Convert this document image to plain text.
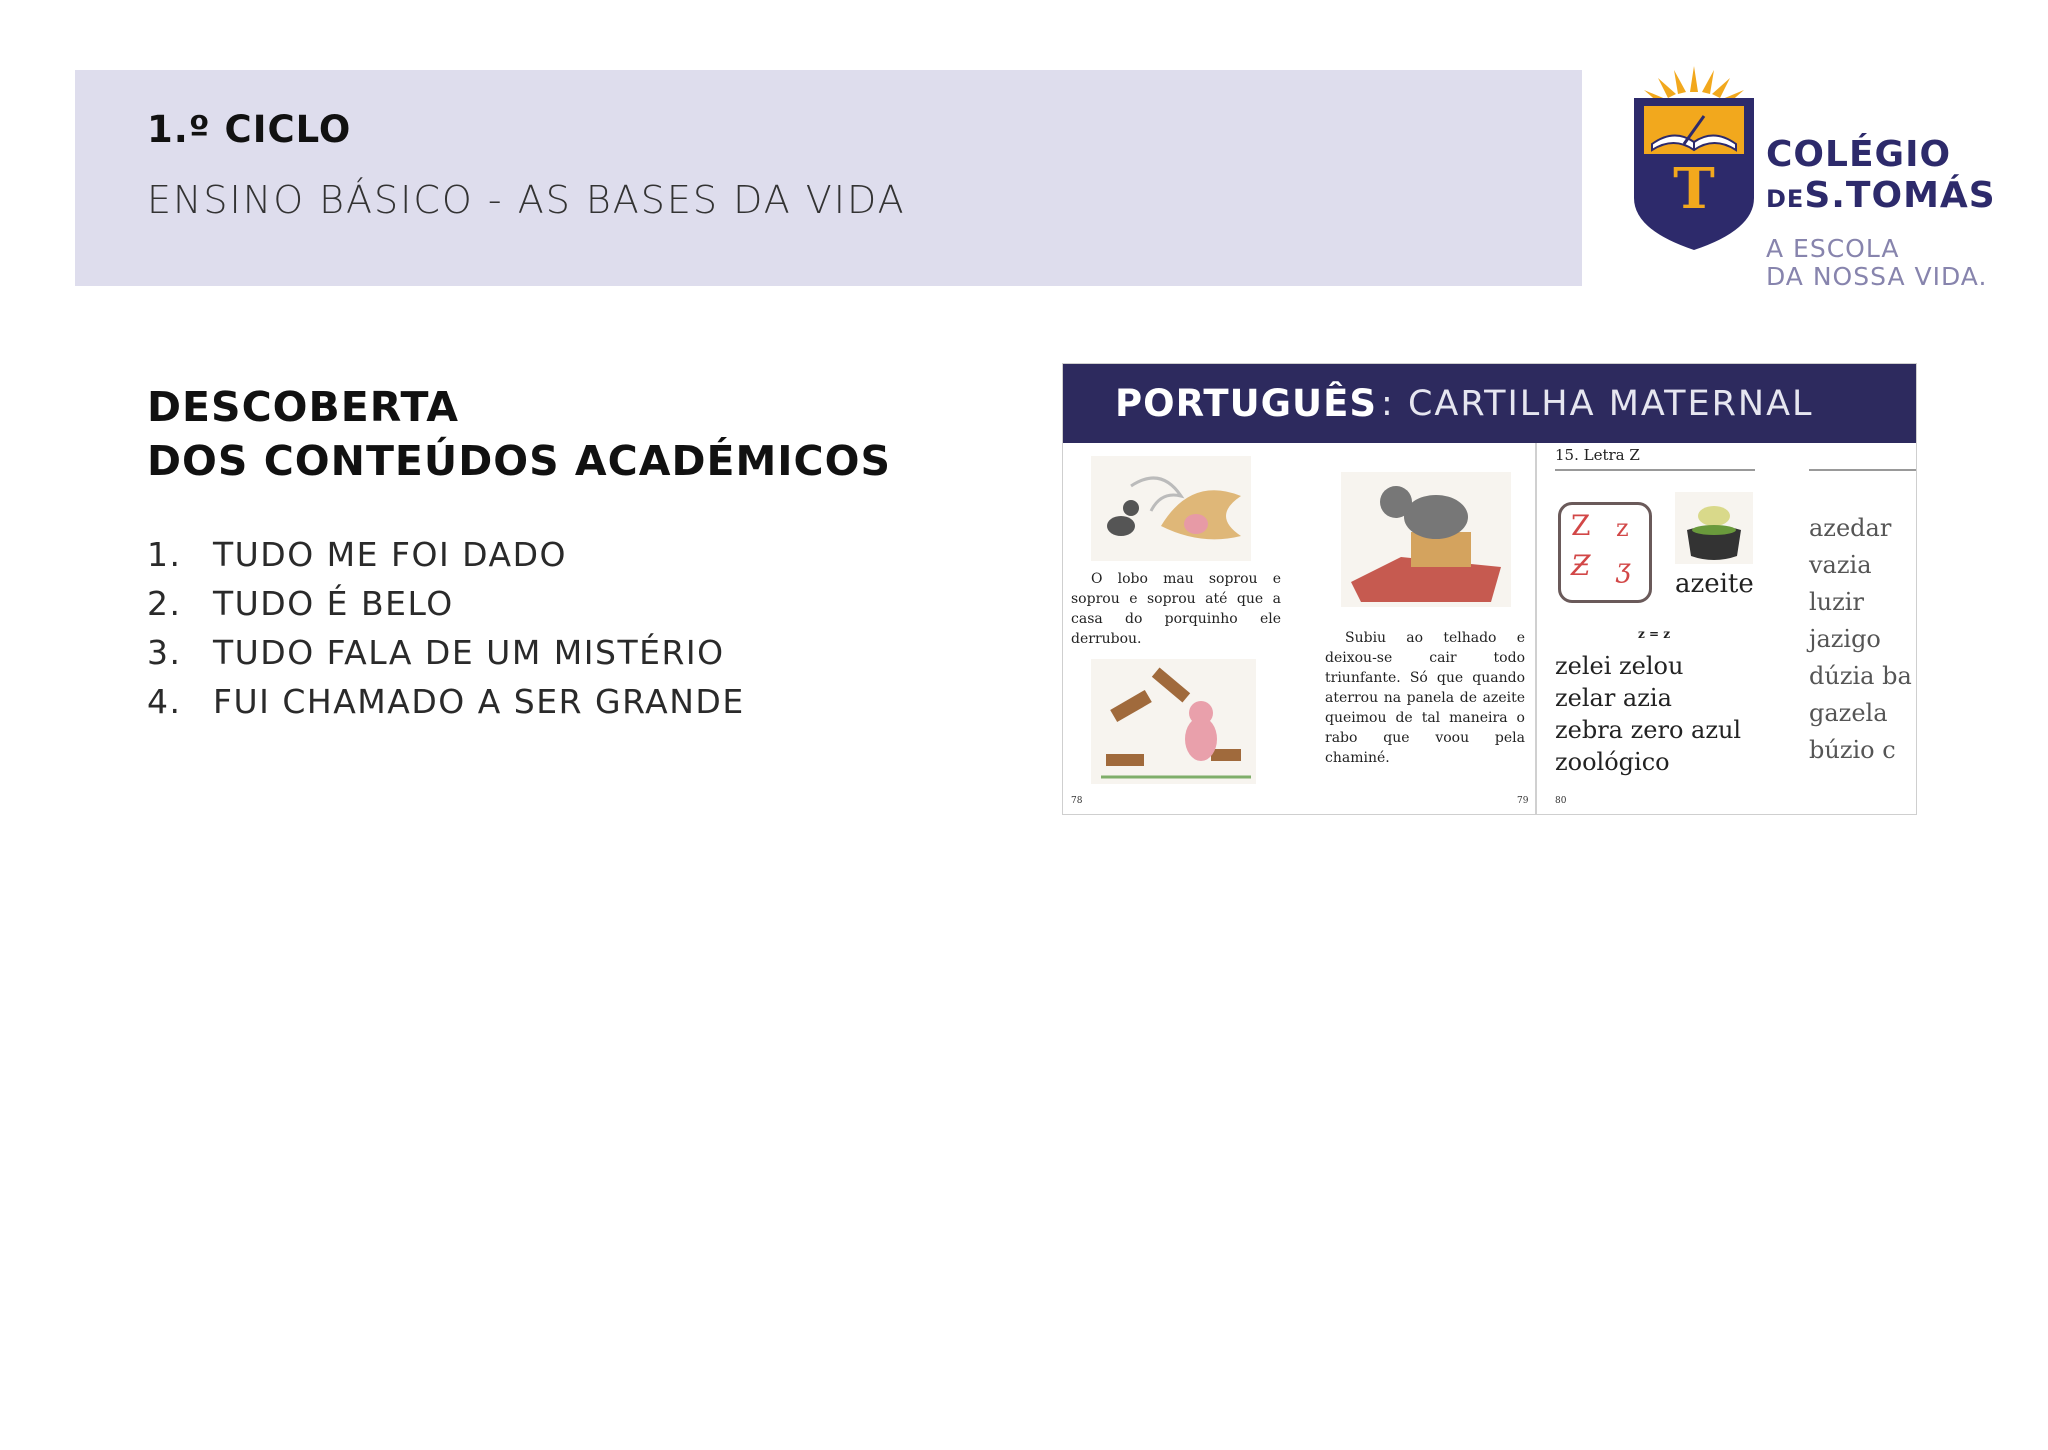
1.º CICLO
ENSINO BÁSICO - AS BASES DA VIDA	T
COLÉGIO
DES.TOMÁS
A ESCOLA
DA NOSSA VIDA.
DESCOBERTA
DOS CONTEÚDOS ACADÉMICOS
1. TUDO ME FOI DADO
2. TUDO É BELO
3. TUDO FALA DE UM MISTÉRIO
4. FUI CHAMADO A SER GRANDE
PORTUGUÊS : CARTILHA MATERNAL
O lobo mau soprou e soprou e soprou até que a casa do porquinho ele derrubou.
78
Subiu ao telhado e deixou-se cair todo triunfante. Só que quando aterrou na panela de azeite queimou de tal maneira o rabo que voou pela chaminé.
79
15. Letra Z
Z z
Ƶ ʒ azeite
z = z
zelei zelou
zelar azia
zebra zero azul
zoológico
80
azedar
vazia
luzir
jazigo
dúzia ba
gazela
búzio c
